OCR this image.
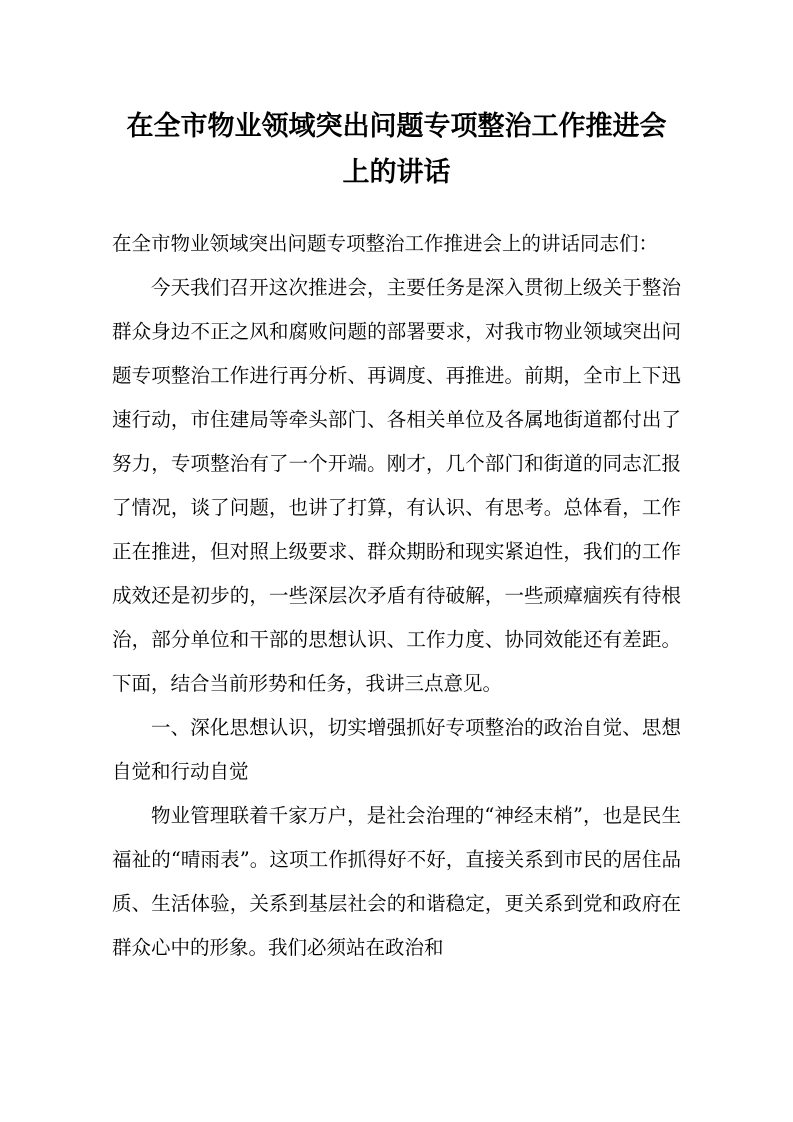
在全市物业领域突出问题专项整治工作推进会上的讲话

在全市物业领域突出问题专项整治工作推进会上的讲话同志们：

今天我们召开这次推进会，主要任务是深入贯彻上级关于整治群众身边不正之风和腐败问题的部署要求，对我市物业领域突出问题专项整治工作进行再分析、再调度、再推进。前期，全市上下迅速行动，市住建局等牵头部门、各相关单位及各属地街道都付出了努力，专项整治有了一个开端。刚才，几个部门和街道的同志汇报了情况，谈了问题，也讲了打算，有认识、有思考。总体看，工作正在推进，但对照上级要求、群众期盼和现实紧迫性，我们的工作成效还是初步的，一些深层次矛盾有待破解，一些顽瘴痼疾有待根治，部分单位和干部的思想认识、工作力度、协同效能还有差距。下面，结合当前形势和任务，我讲三点意见。

一、深化思想认识，切实增强抓好专项整治的政治自觉、思想自觉和行动自觉

物业管理联着千家万户，是社会治理的“神经末梢”，也是民生福祉的“晴雨表”。这项工作抓得好不好，直接关系到市民的居住品质、生活体验，关系到基层社会的和谐稳定，更关系到党和政府在群众心中的形象。我们必须站在政治和
